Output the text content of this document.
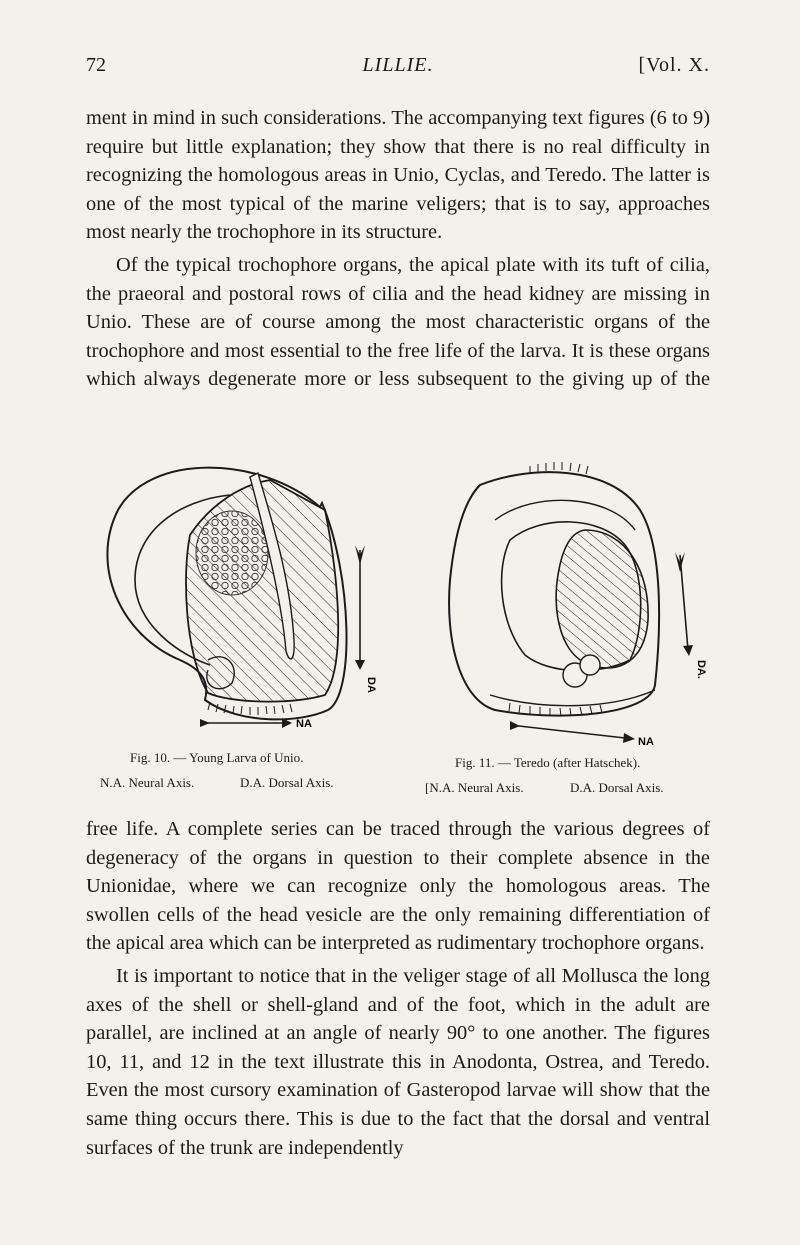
72	LILLIE.	[Vol. X.

ment in mind in such considerations. The accompanying text figures (6 to 9) require but little explanation; they show that there is no real difficulty in recognizing the homologous areas in Unio, Cyclas, and Teredo. The latter is one of the most typical of the marine veligers; that is to say, approaches most nearly the trochophore in its structure.

Of the typical trochophore organs, the apical plate with its tuft of cilia, the praeoral and postoral rows of cilia and the head kidney are missing in Unio. These are of course among the most characteristic organs of the trochophore and most essential to the free life of the larva. It is these organs which always degenerate more or less subsequent to the giving up of the

NA
DA
NA
DA.
Fig. 10. — Young Larva of Unio.
N.A. Neural Axis.	D.A. Dorsal Axis.
Fig. 11. — Teredo (after Hatschek).
[N.A. Neural Axis.	D.A. Dorsal Axis.

free life. A complete series can be traced through the various degrees of degeneracy of the organs in question to their complete absence in the Unionidae, where we can recognize only the homologous areas. The swollen cells of the head vesicle are the only remaining differentiation of the apical area which can be interpreted as rudimentary trochophore organs.

It is important to notice that in the veliger stage of all Mollusca the long axes of the shell or shell-gland and of the foot, which in the adult are parallel, are inclined at an angle of nearly 90° to one another. The figures 10, 11, and 12 in the text illustrate this in Anodonta, Ostrea, and Teredo. Even the most cursory examination of Gasteropod larvae will show that the same thing occurs there. This is due to the fact that the dorsal and ventral surfaces of the trunk are independently
